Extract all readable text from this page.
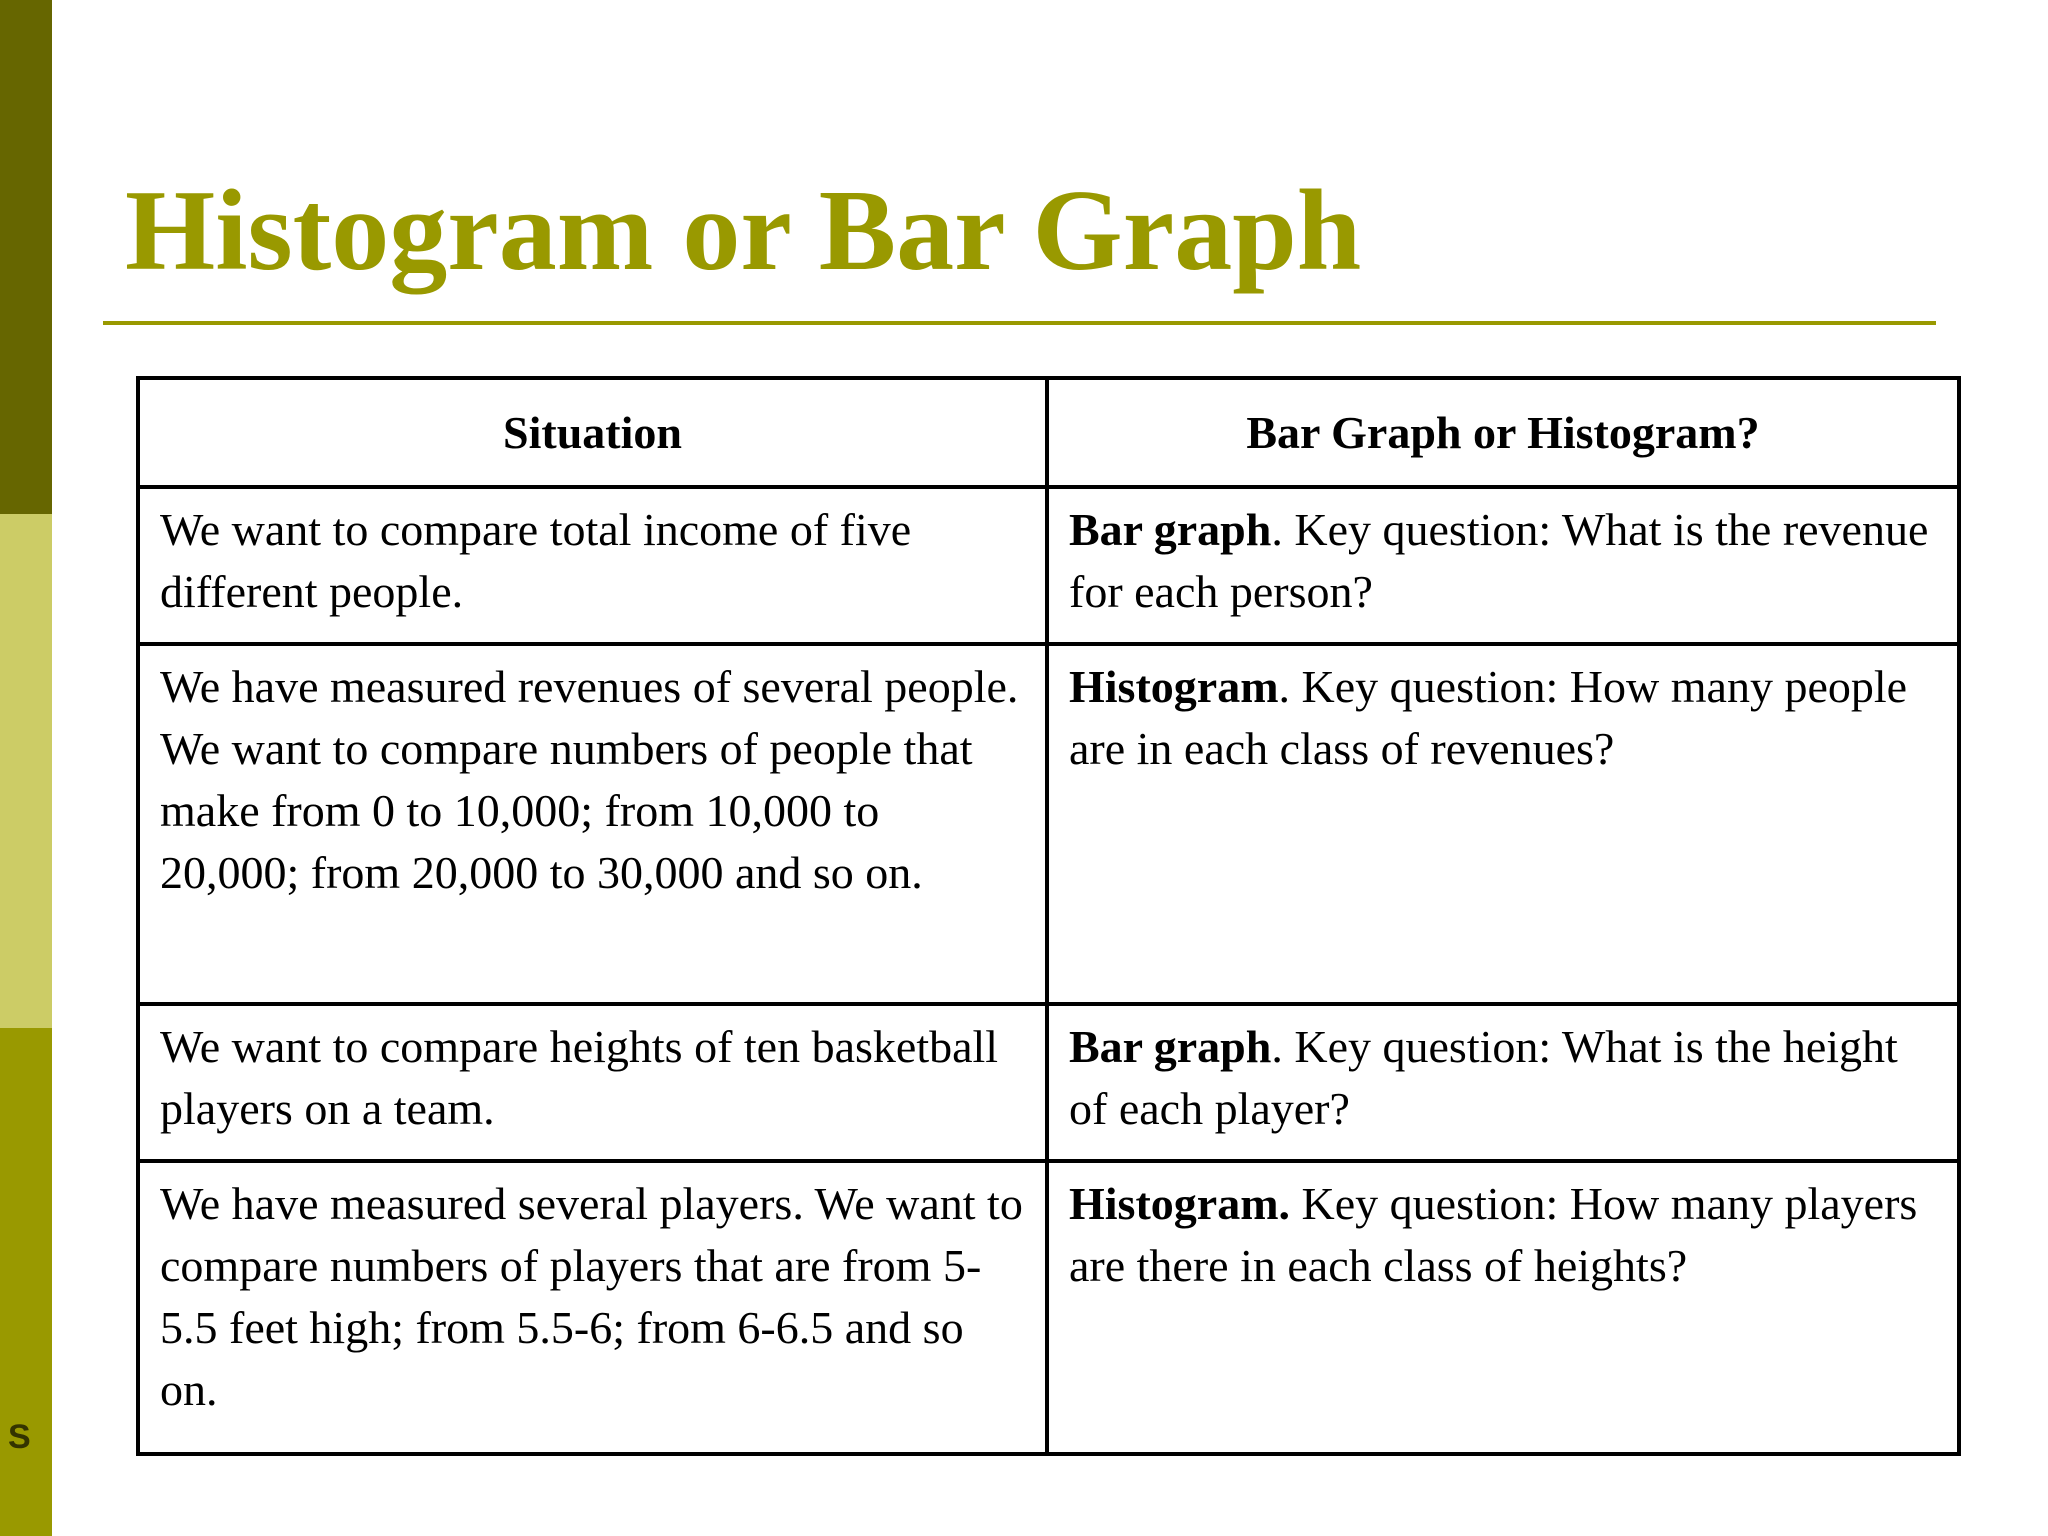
S
Histogram or Bar Graph
Situation	Bar Graph or Histogram?
We want to compare total income of five different people.	Bar graph. Key question: What is the revenue for each person?
We have measured revenues of several people. We want to compare numbers of people that make from 0 to 10,000; from 10,000 to 20,000; from 20,000 to 30,000 and so on.	Histogram. Key question: How many people are in each class of revenues?
We want to compare heights of ten basketball players on a team.	Bar graph. Key question: What is the height of each player?
We have measured several players. We want to compare numbers of players that are from 5-5.5 feet high; from 5.5-6; from 6-6.5 and so on.	Histogram. Key question: How many players are there in each class of heights?
